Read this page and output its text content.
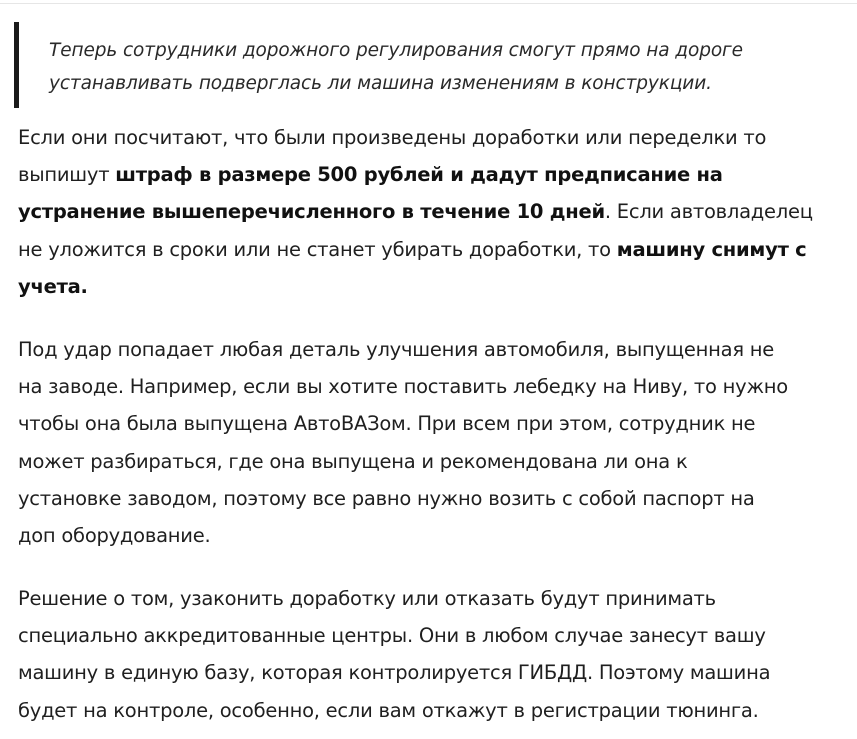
Теперь сотрудники дорожного регулирования смогут прямо на дороге
устанавливать подверглась ли машина изменениям в конструкции.

Если они посчитают, что были произведены доработки или переделки то
выпишут штраф в размере 500 рублей и дадут предписание на
устранение вышеперечисленного в течение 10 дней. Если автовладелец
не уложится в сроки или не станет убирать доработки, то машину снимут с
учета.

Под удар попадает любая деталь улучшения автомобиля, выпущенная не
на заводе. Например, если вы хотите поставить лебедку на Ниву, то нужно
чтобы она была выпущена АвтоВАЗом. При всем при этом, сотрудник не
может разбираться, где она выпущена и рекомендована ли она к
установке заводом, поэтому все равно нужно возить с собой паспорт на
доп оборудование.

Решение о том, узаконить доработку или отказать будут принимать
специально аккредитованные центры. Они в любом случае занесут вашу
машину в единую базу, которая контролируется ГИБДД. Поэтому машина
будет на контроле, особенно, если вам откажут в регистрации тюнинга.
